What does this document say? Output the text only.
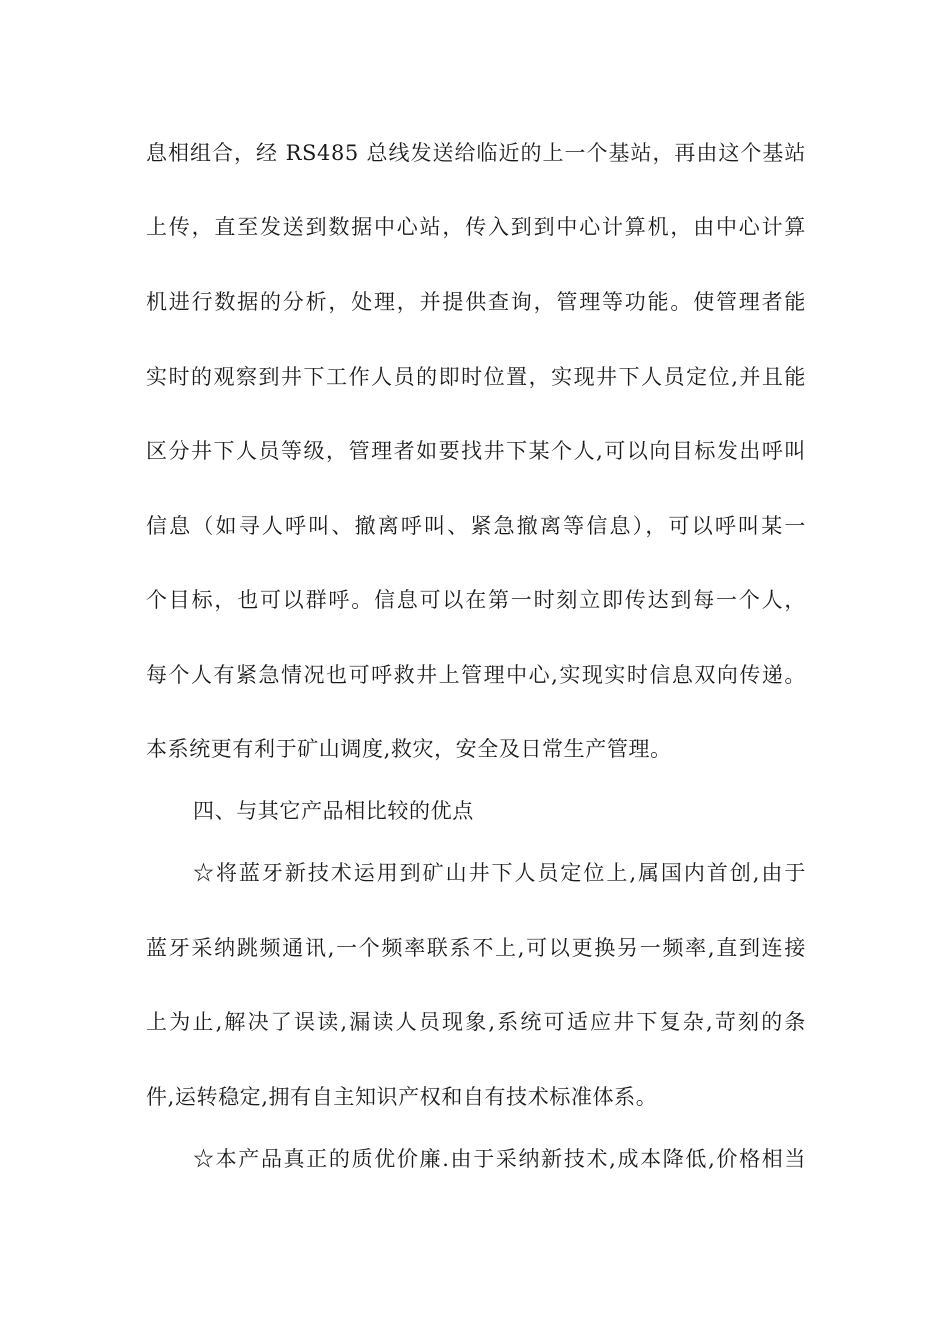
息相组合，经 RS485 总线发送给临近的上一个基站，再由这个基站
上传，直至发送到数据中心站，传入到到中心计算机，由中心计算
机进行数据的分析，处理，并提供查询，管理等功能。使管理者能
实时的观察到井下工作人员的即时位置，实现井下人员定位,并且能
区分井下人员等级，管理者如要找井下某个人,可以向目标发出呼叫
信息（如寻人呼叫、撤离呼叫、紧急撤离等信息），可以呼叫某一
个目标，也可以群呼。信息可以在第一时刻立即传达到每一个人，
每个人有紧急情况也可呼救井上管理中心,实现实时信息双向传递。
本系统更有利于矿山调度,救灾，安全及日常生产管理。
四、与其它产品相比较的优点
☆将蓝牙新技术运用到矿山井下人员定位上,属国内首创,由于
蓝牙采纳跳频通讯,一个频率联系不上,可以更换另一频率,直到连接
上为止,解决了误读,漏读人员现象,系统可适应井下复杂,苛刻的条
件,运转稳定,拥有自主知识产权和自有技术标准体系。
☆本产品真正的质优价廉.由于采纳新技术,成本降低,价格相当
